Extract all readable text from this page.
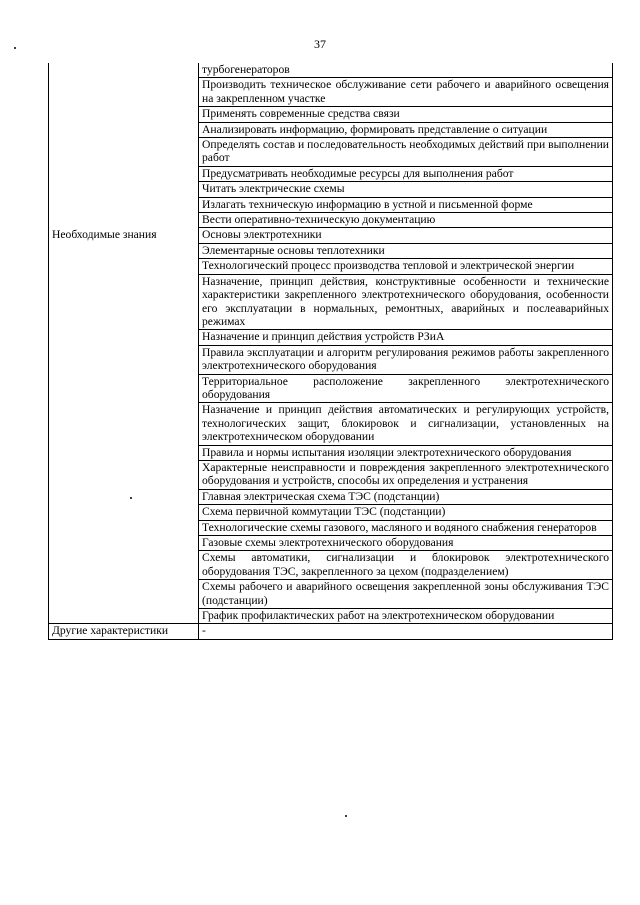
37
	турбогенераторов
	Производить техническое обслуживание сети рабочего и аварийного освещения на закрепленном участке
	Применять современные средства связи
	Анализировать информацию, формировать представление о ситуации
	Определять состав и последовательность необходимых действий при выполнении работ
	Предусматривать необходимые ресурсы для выполнения работ
	Читать электрические схемы
	Излагать техническую информацию в устной и письменной форме
	Вести оперативно-техническую документацию
Необходимые знания	Основы электротехники
	Элементарные основы теплотехники
	Технологический процесс производства тепловой и электрической энергии
	Назначение, принцип действия, конструктивные особенности и технические характеристики закрепленного электротехнического оборудования, особенности его эксплуатации в нормальных, ремонтных, аварийных и послеаварийных режимах
	Назначение и принцип действия устройств РЗиА
	Правила эксплуатации и алгоритм регулирования режимов работы закрепленного электротехнического оборудования
	Территориальное расположение закрепленного электротехнического оборудования
	Назначение и принцип действия автоматических и регулирующих устройств, технологических защит, блокировок и сигнализации, установленных на электротехническом оборудовании
	Правила и нормы испытания изоляции электротехнического оборудования
	Характерные неисправности и повреждения закрепленного электротехнического оборудования и устройств, способы их определения и устранения
	Главная электрическая схема ТЭС (подстанции)
	Схема первичной коммутации ТЭС (подстанции)
	Технологические схемы газового, масляного и водяного снабжения генераторов
	Газовые схемы электротехнического оборудования
	Схемы автоматики, сигнализации и блокировок электротехнического оборудования ТЭС, закрепленного за цехом (подразделением)
	Схемы рабочего и аварийного освещения закрепленной зоны обслуживания ТЭС (подстанции)
	График профилактических работ на электротехническом оборудовании
Другие характеристики	-
